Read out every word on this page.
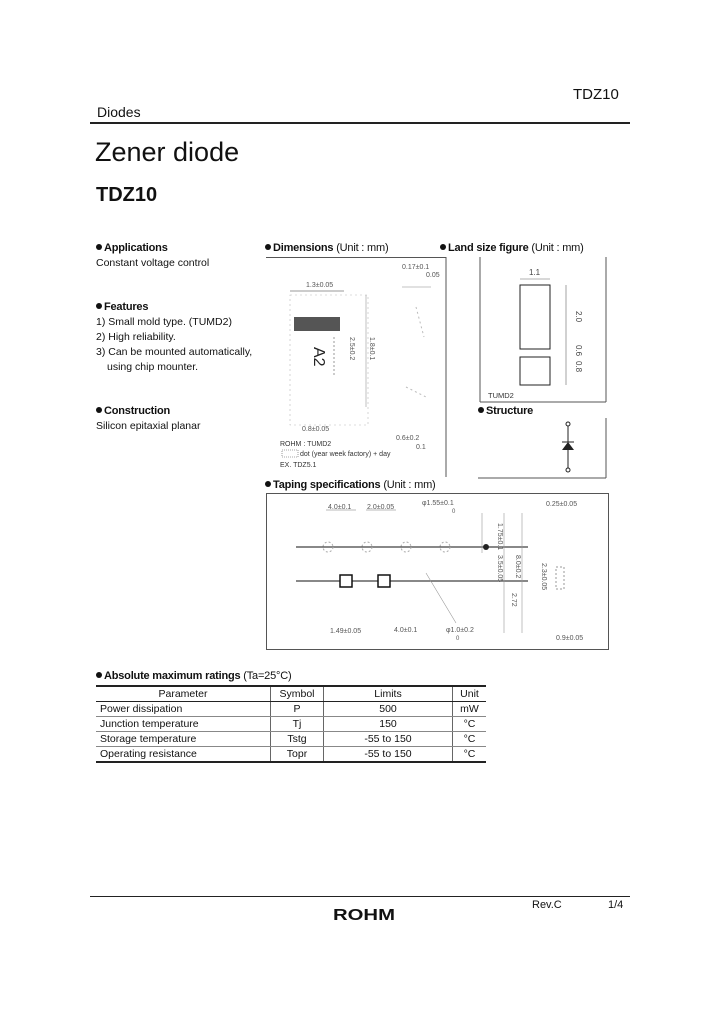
TDZ10
Diodes
Zener diode
TDZ10
Applications
Constant voltage control
Features
1) Small mold type. (TUMD2)
2) High reliability.
3) Can be mounted automatically,
using chip mounter.
Construction
Silicon epitaxial planar
Dimensions (Unit : mm)
A2
1.3±0.05
0.17±0.1
0.05
1.8±0.1
2.5±0.2
0.8±0.05
0.6±0.2
0.1
ROHM : TUMD2
dot (year week factory) + day
EX. TDZ5.1
Land size figure (Unit : mm)
1.1
2.0
0.6
0.8
TUMD2
Structure
Taping specifications (Unit : mm)
4.0±0.1 2.0±0.05
φ1.55±0.1
0
1.75±0.1
3.5±0.05 8.0±0.2
2.72
0.25±0.05
2.3±0.05
1.49±0.05	4.0±0.1	φ1.0±0.2
0	0.9±0.05
Absolute maximum ratings (Ta=25°C)
Parameter	Symbol	Limits	Unit
Power dissipation	P	500	mW
Junction temperature	Tj	150	°C
Storage temperature	Tstg	-55 to 150	°C
Operating resistance	Topr	-55 to 150	°C
Rev.C	1/4
ROHM
